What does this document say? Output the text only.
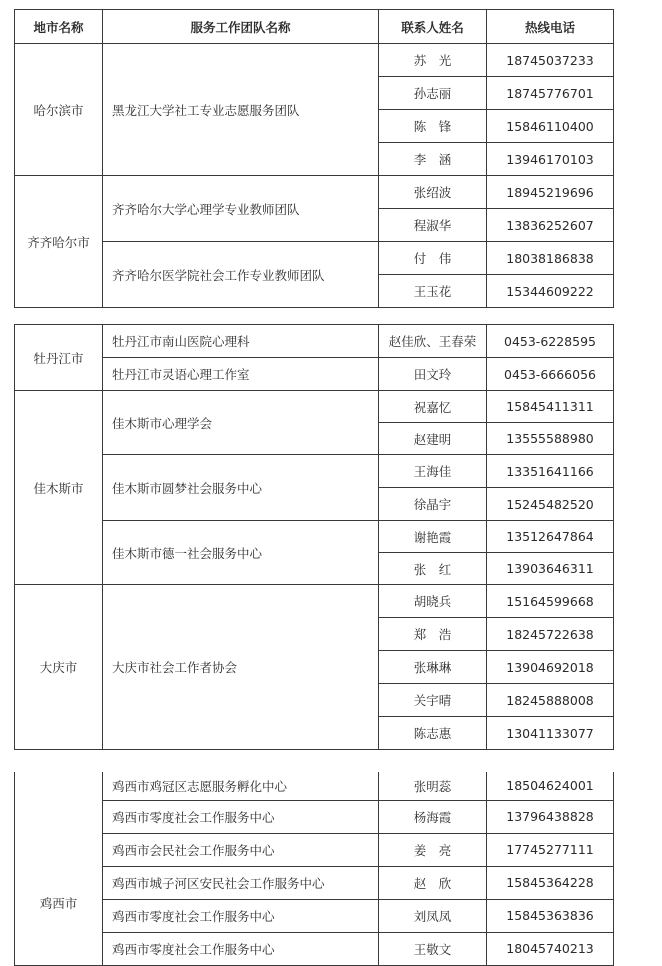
地市名称	服务工作团队名称	联系人姓名	热线电话
哈尔滨市	黑龙江大学社工专业志愿服务团队	苏　光	18745037233
		孙志丽	18745776701
		陈　锋	15846110400
		李　涵	13946170103
齐齐哈尔市	齐齐哈尔大学心理学专业教师团队	张绍波	18945219696
		程淑华	13836252607
	齐齐哈尔医学院社会工作专业教师团队	付　伟	18038186838
		王玉花	15344609222
牡丹江市	牡丹江市南山医院心理科	赵佳欣、王春荣	0453-6228595
	牡丹江市灵语心理工作室	田文玲	0453-6666056
佳木斯市	佳木斯市心理学会	祝嘉忆	15845411311
		赵建明	13555588980
	佳木斯市圆梦社会服务中心	王海佳	13351641166
		徐晶宇	15245482520
	佳木斯市德一社会服务中心	谢艳霞	13512647864
		张　红	13903646311
大庆市	大庆市社会工作者协会	胡晓兵	15164599668
		郑　浩	18245722638
		张琳琳	13904692018
		关宇晴	18245888008
		陈志惠	13041133077
鸡西市	鸡西市鸡冠区志愿服务孵化中心	张明蕊	18504624001
	鸡西市零度社会工作服务中心	杨海霞	13796438828
	鸡西市会民社会工作服务中心	姜　亮	17745277111
	鸡西市城子河区安民社会工作服务中心	赵　欣	15845364228
	鸡西市零度社会工作服务中心	刘凤凤	15845363836
	鸡西市零度社会工作服务中心	王敬文	18045740213
